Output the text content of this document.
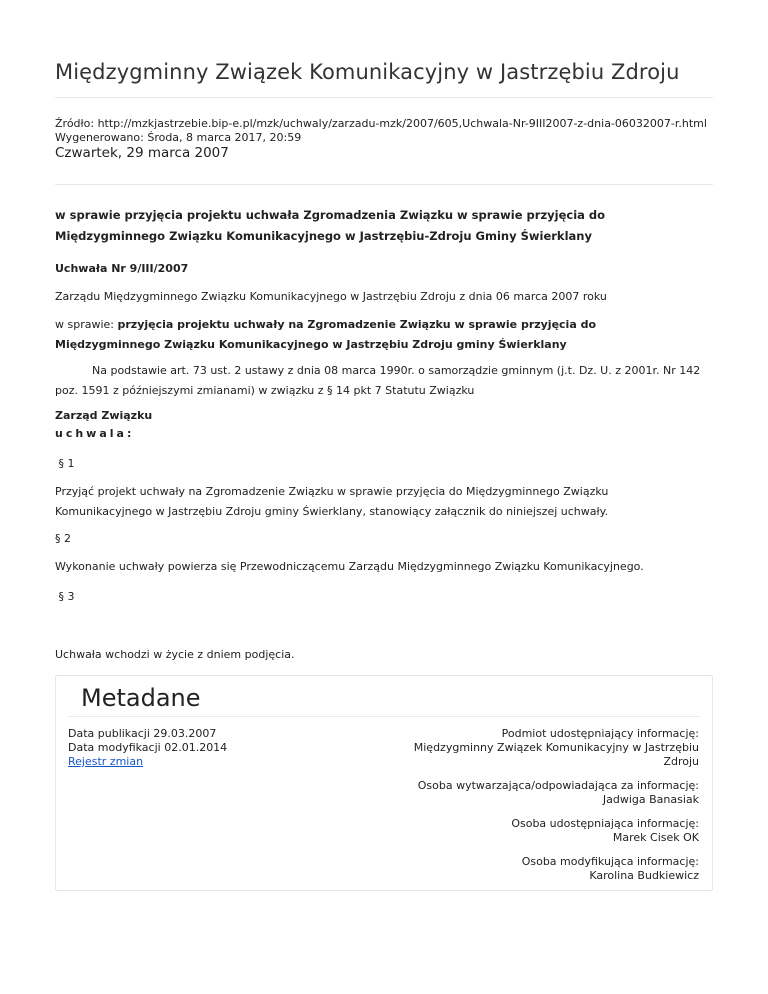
Międzygminny Związek Komunikacyjny w Jastrzębiu Zdroju
Źródło: http://mzkjastrzebie.bip-e.pl/mzk/uchwaly/zarzadu-mzk/2007/605,Uchwala-Nr-9III2007-z-dnia-06032007-r.html
Wygenerowano: Środa, 8 marca 2017, 20:59
Czwartek, 29 marca 2007
w sprawie przyjęcia projektu uchwała Zgromadzenia Związku w sprawie przyjęcia do Międzygminnego Związku Komunikacyjnego w Jastrzębiu-Zdroju Gminy Świerklany
Uchwała Nr 9/III/2007
Zarządu Międzygminnego Związku Komunikacyjnego w Jastrzębiu Zdroju z dnia 06 marca 2007 roku
w sprawie: przyjęcia projektu uchwały na Zgromadzenie Związku w sprawie przyjęcia do Międzygminnego Związku Komunikacyjnego w Jastrzębiu Zdroju gminy Świerklany
Na podstawie art. 73 ust. 2 ustawy z dnia 08 marca 1990r. o samorządzie gminnym (j.t. Dz. U. z 2001r. Nr 142 poz. 1591 z późniejszymi zmianami) w związku z § 14 pkt 7 Statutu Związku
Zarząd Związku
uchwala:
§ 1
Przyjąć projekt uchwały na Zgromadzenie Związku w sprawie przyjęcia do Międzygminnego Związku Komunikacyjnego w Jastrzębiu Zdroju gminy Świerklany, stanowiący załącznik do niniejszej uchwały.
§ 2
Wykonanie uchwały powierza się Przewodniczącemu Zarządu Międzygminnego Związku Komunikacyjnego.
§ 3
Uchwała wchodzi w życie z dniem podjęcia.
Metadane
Data publikacji 29.03.2007
Data modyfikacji 02.01.2014
Rejestr zmian
Podmiot udostępniający informację:
Międzygminny Związek Komunikacyjny w Jastrzębiu
Zdroju
Osoba wytwarzająca/odpowiadająca za informację:
Jadwiga Banasiak
Osoba udostępniająca informację:
Marek Cisek OK
Osoba modyfikująca informację:
Karolina Budkiewicz
